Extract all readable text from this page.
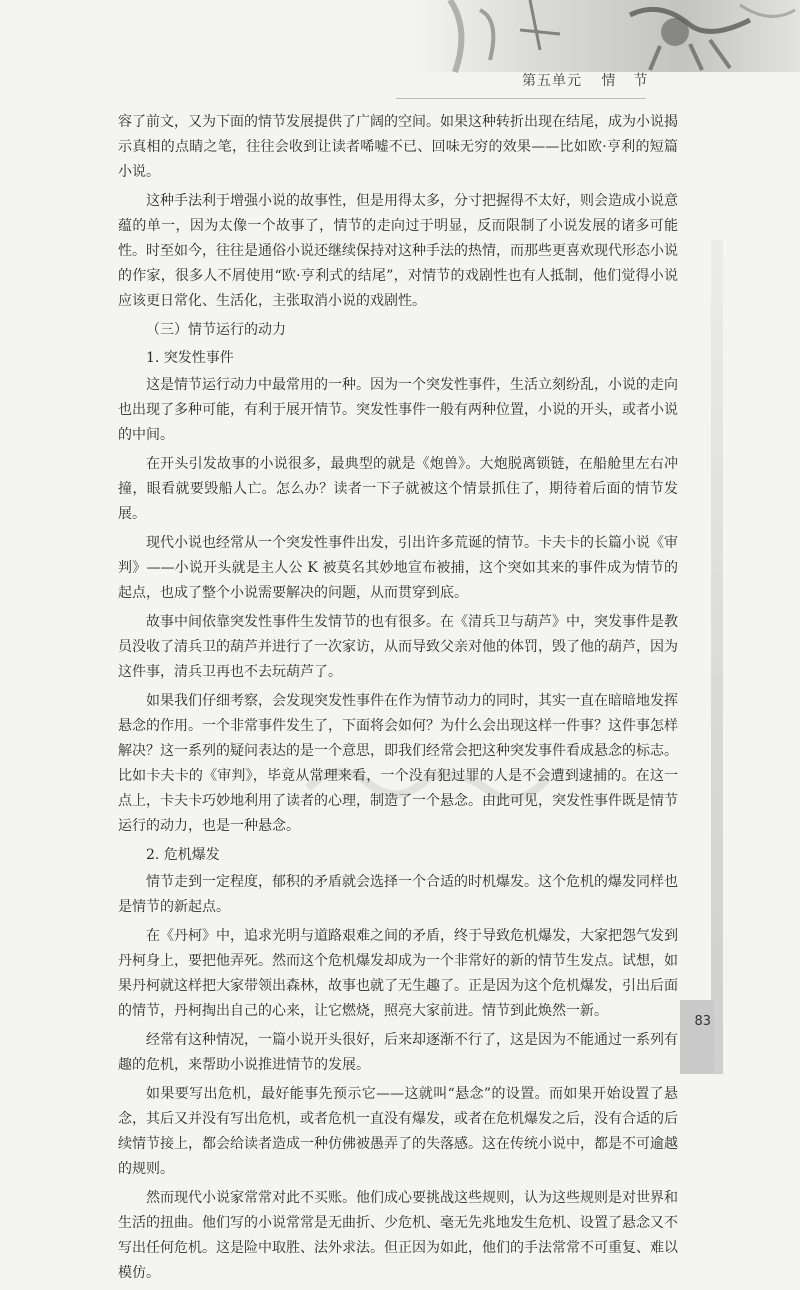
第五单元 情节

容了前文，又为下面的情节发展提供了广阔的空间。如果这种转折出现在结尾，成为小说揭示真相的点睛之笔，往往会收到让读者唏嘘不已、回味无穷的效果——比如欧·亨利的短篇小说。

这种手法利于增强小说的故事性，但是用得太多，分寸把握得不太好，则会造成小说意蕴的单一，因为太像一个故事了，情节的走向过于明显，反而限制了小说发展的诸多可能性。时至如今，往往是通俗小说还继续保持对这种手法的热情，而那些更喜欢现代形态小说的作家，很多人不屑使用“欧·亨利式的结尾”，对情节的戏剧性也有人抵制，他们觉得小说应该更日常化、生活化，主张取消小说的戏剧性。

（三）情节运行的动力

1. 突发性事件

这是情节运行动力中最常用的一种。因为一个突发性事件，生活立刻纷乱，小说的走向也出现了多种可能，有利于展开情节。突发性事件一般有两种位置，小说的开头，或者小说的中间。

在开头引发故事的小说很多，最典型的就是《炮兽》。大炮脱离锁链，在船舱里左右冲撞，眼看就要毁船人亡。怎么办？读者一下子就被这个情景抓住了，期待着后面的情节发展。

现代小说也经常从一个突发性事件出发，引出许多荒诞的情节。卡夫卡的长篇小说《审判》——小说开头就是主人公 K 被莫名其妙地宣布被捕，这个突如其来的事件成为情节的起点，也成了整个小说需要解决的问题，从而贯穿到底。

故事中间依靠突发性事件生发情节的也有很多。在《清兵卫与葫芦》中，突发事件是教员没收了清兵卫的葫芦并进行了一次家访，从而导致父亲对他的体罚，毁了他的葫芦，因为这件事，清兵卫再也不去玩葫芦了。

如果我们仔细考察，会发现突发性事件在作为情节动力的同时，其实一直在暗暗地发挥悬念的作用。一个非常事件发生了，下面将会如何？为什么会出现这样一件事？这件事怎样解决？这一系列的疑问表达的是一个意思，即我们经常会把这种突发事件看成悬念的标志。比如卡夫卡的《审判》，毕竟从常理来看，一个没有犯过罪的人是不会遭到逮捕的。在这一点上，卡夫卡巧妙地利用了读者的心理，制造了一个悬念。由此可见，突发性事件既是情节运行的动力，也是一种悬念。

2. 危机爆发

情节走到一定程度，郁积的矛盾就会选择一个合适的时机爆发。这个危机的爆发同样也是情节的新起点。

在《丹柯》中，追求光明与道路艰难之间的矛盾，终于导致危机爆发，大家把怨气发到丹柯身上，要把他弄死。然而这个危机爆发却成为一个非常好的新的情节生发点。试想，如果丹柯就这样把大家带领出森林，故事也就了无生趣了。正是因为这个危机爆发，引出后面的情节，丹柯掏出自己的心来，让它燃烧，照亮大家前进。情节到此焕然一新。

经常有这种情况，一篇小说开头很好，后来却逐渐不行了，这是因为不能通过一系列有趣的危机，来帮助小说推进情节的发展。

如果要写出危机，最好能事先预示它——这就叫“悬念”的设置。而如果开始设置了悬念，其后又并没有写出危机，或者危机一直没有爆发，或者在危机爆发之后，没有合适的后续情节接上，都会给读者造成一种仿佛被愚弄了的失落感。这在传统小说中，都是不可逾越的规则。

然而现代小说家常常对此不买账。他们成心要挑战这些规则，认为这些规则是对世界和生活的扭曲。他们写的小说常常是无曲折、少危机、毫无先兆地发生危机、设置了悬念又不写出任何危机。这是险中取胜、法外求法。但正因为如此，他们的手法常常不可重复、难以模仿。

83
